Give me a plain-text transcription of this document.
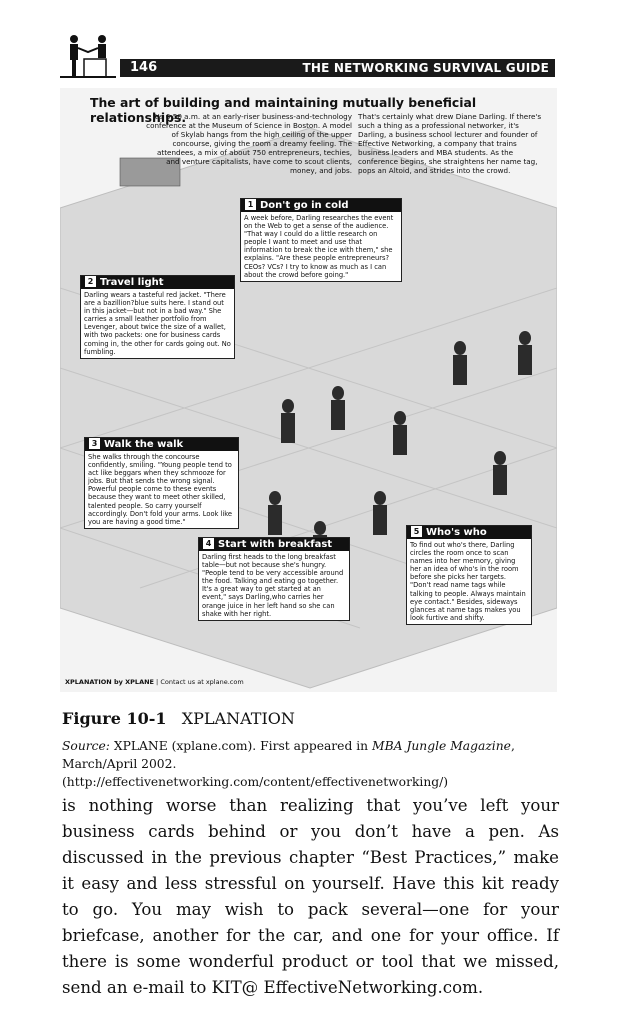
146	THE NETWORKING SURVIVAL GUIDE
The art of building and maintaining mutually beneficial relationships.
It's 6:50 a.m. at an early-riser business-and-technology conference at the Museum of Science in Boston. A model of Skylab hangs from the high ceiling of the upper concourse, giving the room a dreamy feeling. The attendees, a mix of about 750 entrepreneurs, techies, and venture capitalists, have come to scout clients, money, and jobs.
That's certainly what drew Diane Darling. If there's such a thing as a professional networker, it's Darling, a business school lecturer and founder of Effective Networking, a company that trains business leaders and MBA students. As the conference begins, she straightens her name tag, pops an Altoid, and strides into the crowd.
1 Don't go in cold
A week before, Darling researches the event on the Web to get a sense of the audience. "That way I could do a little research on people I want to meet and use that information to break the ice with them," she explains. "Are these people entrepreneurs? CEOs? VCs? I try to know as much as I can about the crowd before going."
2 Travel light
Darling wears a tasteful red jacket. "There are a bazillion?blue suits here. I stand out in this jacket—but not in a bad way." She carries a small leather portfolio from Levenger, about twice the size of a wallet, with two packets: one for business cards coming in, the other for cards going out. No fumbling.
3 Walk the walk
She walks through the concourse confidently, smiling. "Young people tend to act like beggars when they schmooze for jobs. But that sends the wrong signal. Powerful people come to these events because they want to meet other skilled, talented people. So carry yourself accordingly. Don't fold your arms. Look like you are having a good time."
4 Start with breakfast
Darling first heads to the long breakfast table—but not because she's hungry. "People tend to be very accessible around the food. Talking and eating go together. It's a great way to get started at an event," says Darling,who carries her orange juice in her left hand so she can shake with her right.
5 Who's who
To find out who's there, Darling circles the room once to scan names into her memory, giving her an idea of who's in the room before she picks her targets. "Don't read name tags while talking to people. Always maintain eye contact." Besides, sideways glances at name tags makes you look furtive and shifty.
XPLANATION by XPLANE | Contact us at xplane.com
Figure 10-1 XPLANATION
Source: XPLANE (xplane.com). First appeared in MBA Jungle Magazine, March/April 2002. (http://effectivenetworking.com/content/effectivenetworking/)
is nothing worse than realizing that you’ve left your business cards behind or you don’t have a pen. As discussed in the previous chapter “Best Practices,” make it easy and less stressful on yourself. Have this kit ready to go. You may wish to pack several—one for your briefcase, another for the car, and one for your office. If there is some wonderful product or tool that we missed, send an e-mail to KIT@ EffectiveNetworking.com.
